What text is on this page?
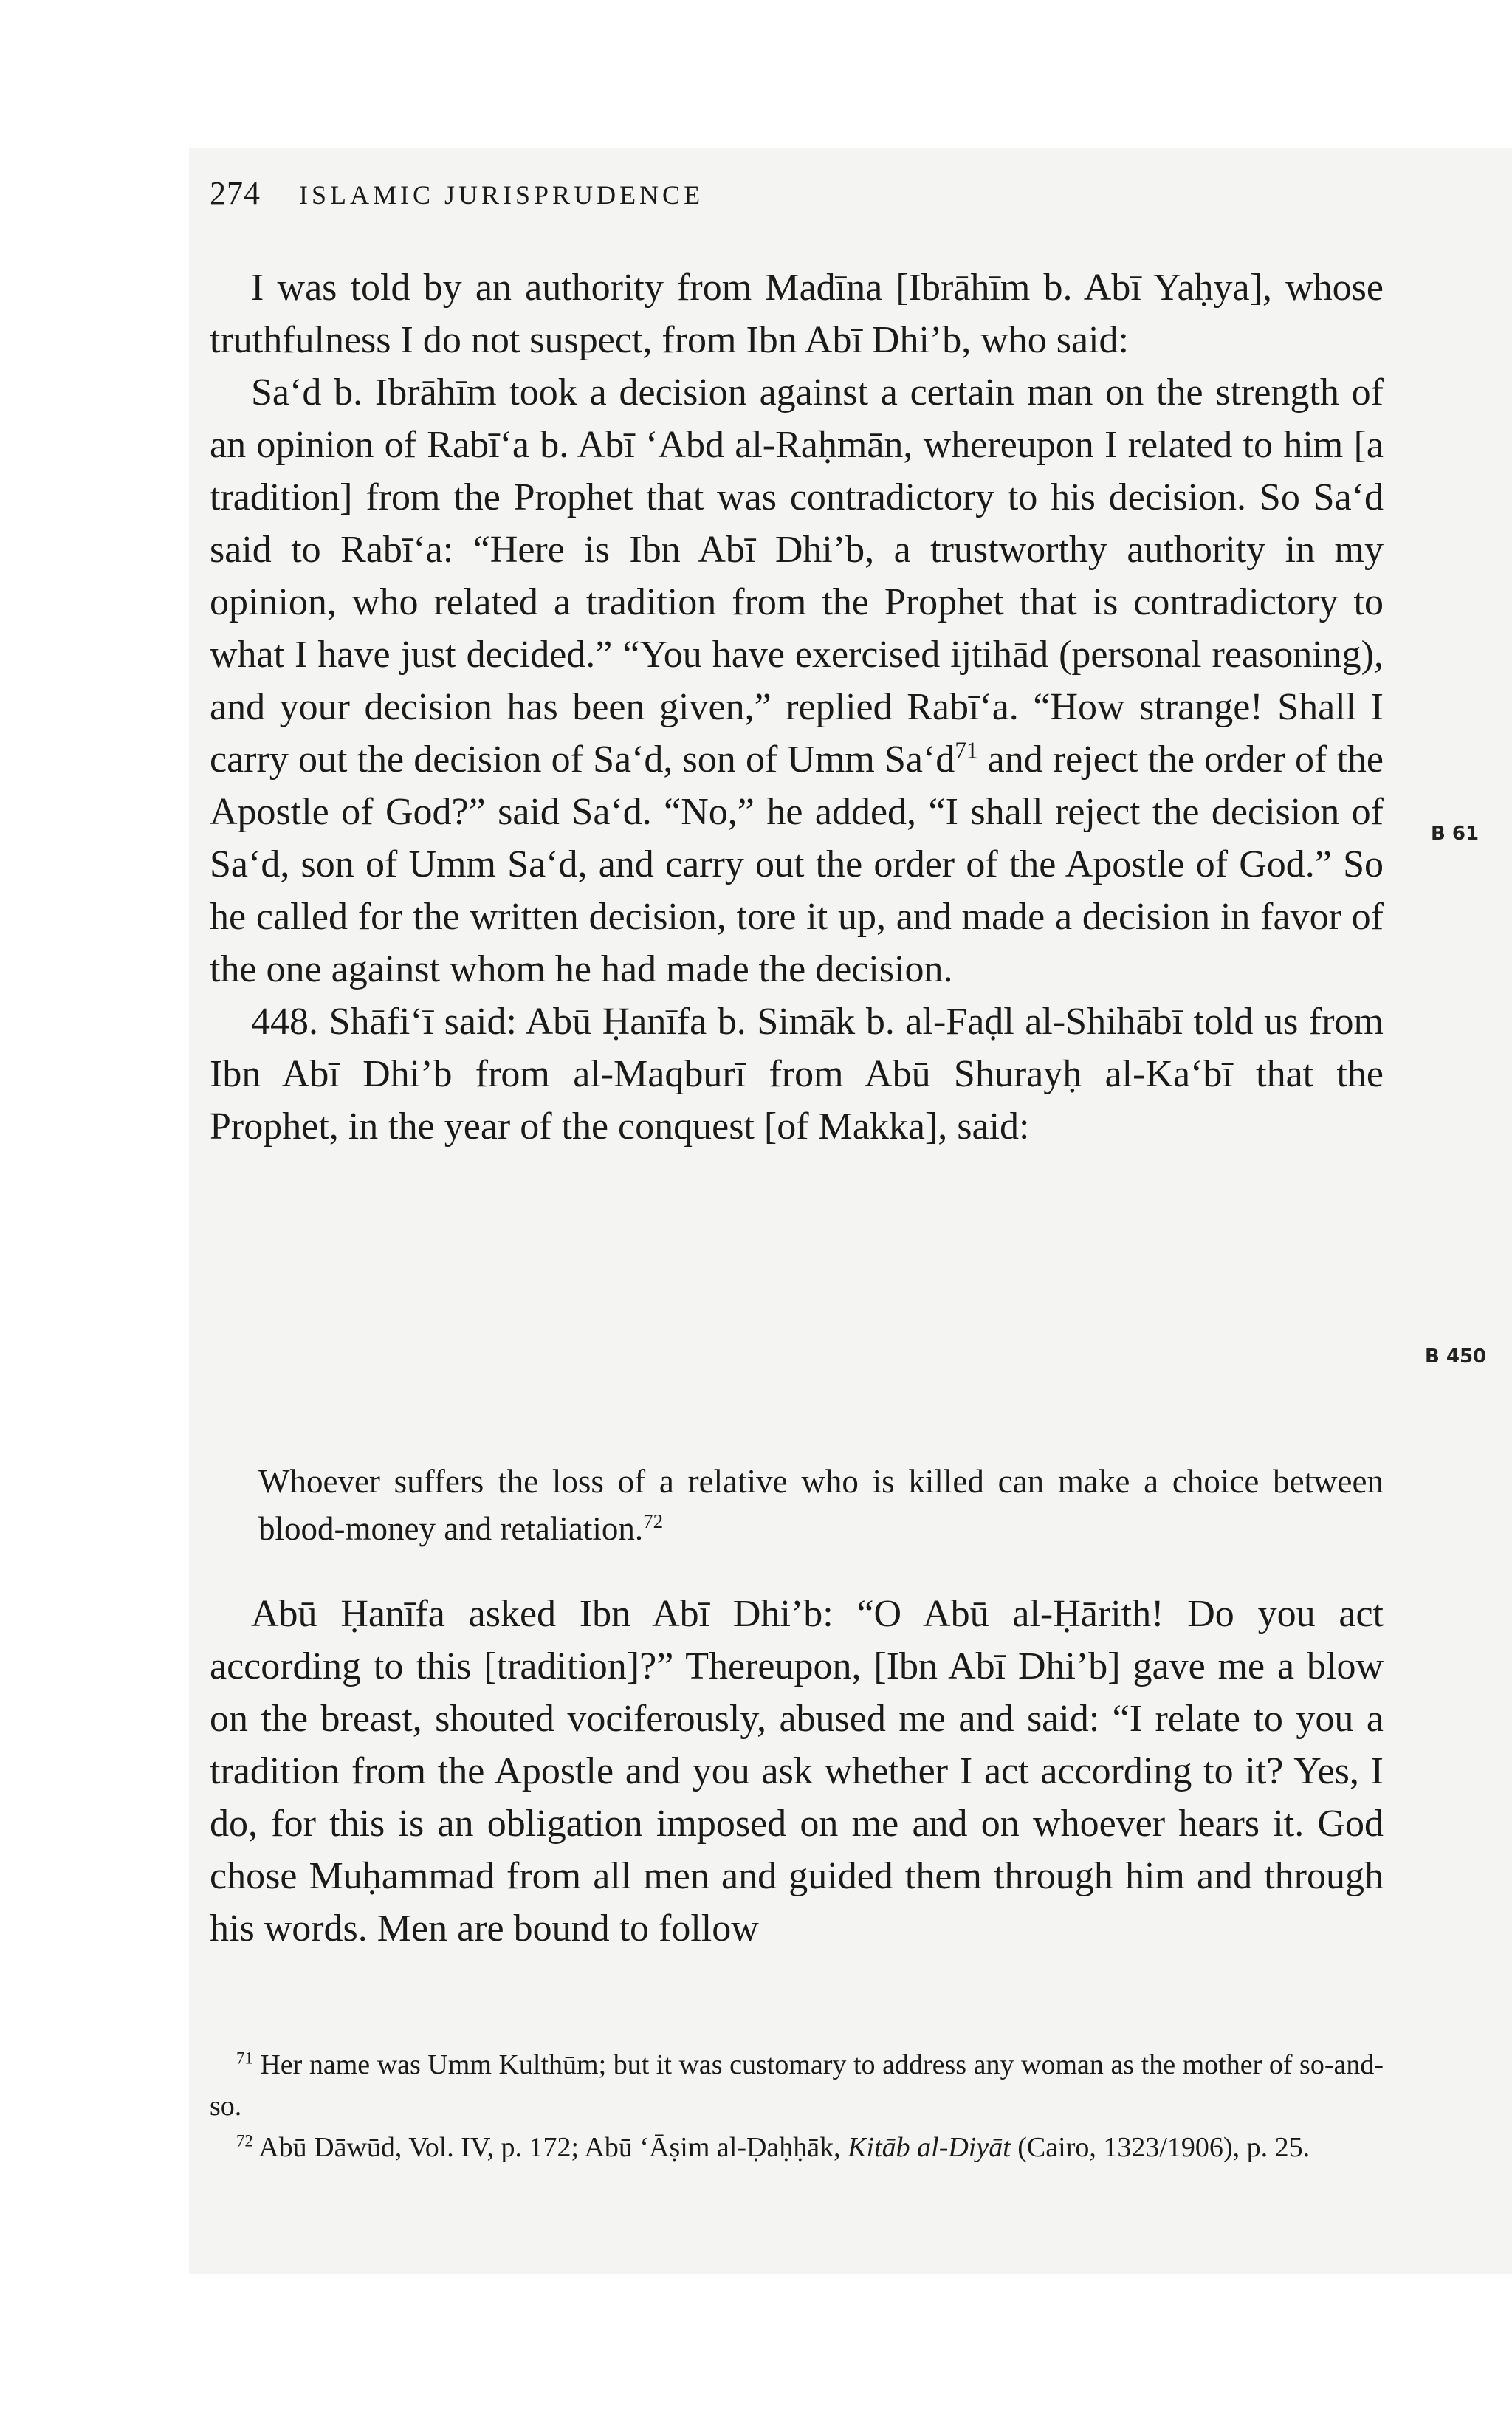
274 ISLAMIC JURISPRUDENCE

I was told by an authority from Madīna [Ibrāhīm b. Abī Yaḥya], whose truthfulness I do not suspect, from Ibn Abī Dhi’b, who said:

Sa‘d b. Ibrāhīm took a decision against a certain man on the strength of an opinion of Rabī‘a b. Abī ‘Abd al-Raḥmān, whereupon I related to him [a tradition] from the Prophet that was contradictory to his decision. So Sa‘d said to Rabī‘a: “Here is Ibn Abī Dhi’b, a trustworthy authority in my opinion, who related a tradition from the Prophet that is contradictory to what I have just decided.” “You have exercised ijtihād (personal reasoning), and your decision has been given,” replied Rabī‘a. “How strange! Shall I carry out the decision of Sa‘d, son of Umm $Sa‘d^{71}$ and reject the order of the Apostle of God?” said Sa‘d. “No,” he added, “I shall reject the decision of Sa‘d, son of Umm Sa‘d, and carry out the order of the Apostle of God.” So he called for the written decision, tore it up, and made a decision in favor of the one against whom he had made the decision.

448. Shāfi‘ī said: Abū Ḥanīfa b. Simāk b. al-Faḍl al-Shihābī told us from Ibn Abī Dhi’b from al-Maqburī from Abū Shurayḥ al-Ka‘bī that the Prophet, in the year of the conquest [of Makka], said:

Whoever suffers the loss of a relative who is killed can make a choice between blood-money and retaliation.$^{72}$

Abū Ḥanīfa asked Ibn Abī Dhi’b: “O Abū al-Ḥārith! Do you act according to this [tradition]?” Thereupon, [Ibn Abī Dhi’b] gave me a blow on the breast, shouted vociferously, abused me and said: “I relate to you a tradition from the Apostle and you ask whether I act according to it? Yes, I do, for this is an obligation imposed on me and on whoever hears it. God chose Muḥammad from all men and guided them through him and through his words. Men are bound to follow

$^{71}$ Her name was Umm Kulthūm; but it was customary to address any woman as the mother of so-and-so.

$^{72}$ Abū Dāwūd, Vol. IV, p. 172; Abū ‘Āṣim al-Ḍaḥḥāk, Kitāb al-Diyāt (Cairo, 1323/1906), p. 25.

B 61
B 450
